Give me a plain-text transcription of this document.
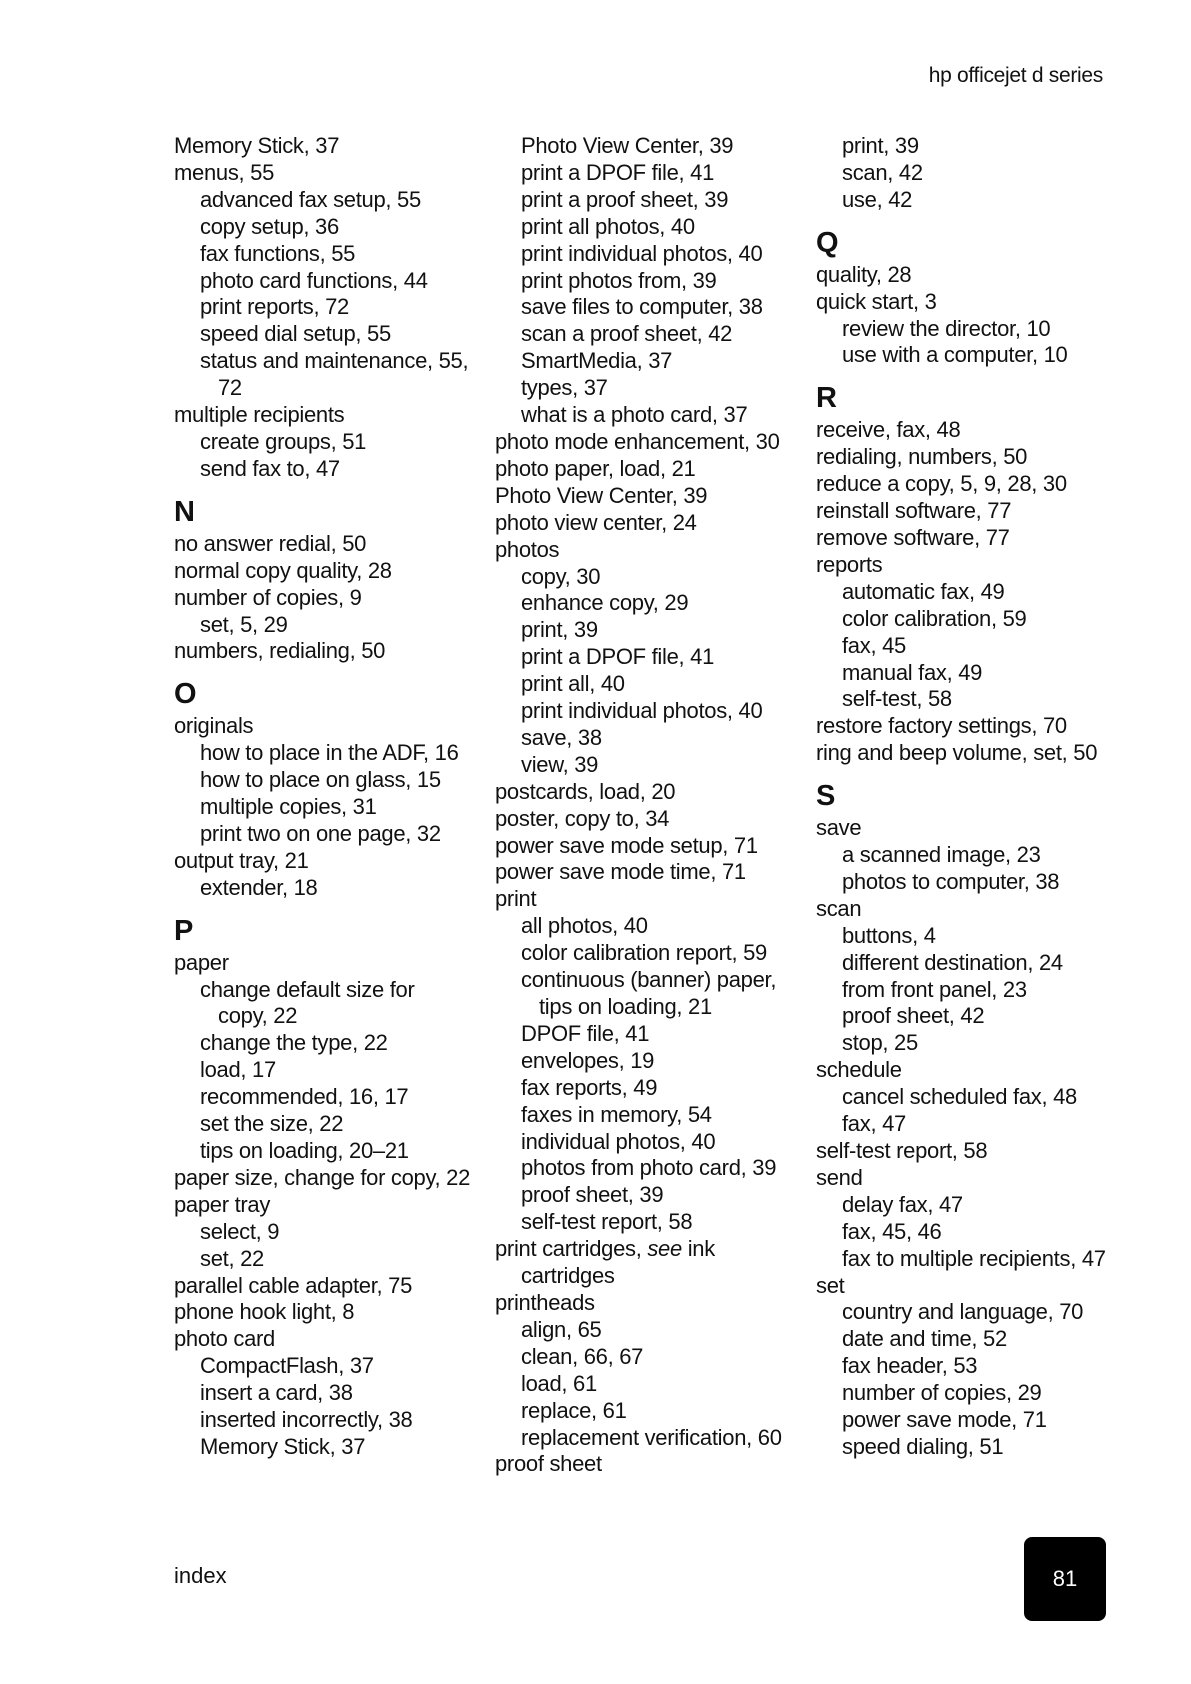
hp officejet d series
Memory Stick, 37
menus, 55
advanced fax setup, 55
copy setup, 36
fax functions, 55
photo card functions, 44
print reports, 72
speed dial setup, 55
status and maintenance, 55,
72
multiple recipients
create groups, 51
send fax to, 47
N
no answer redial, 50
normal copy quality, 28
number of copies, 9
set, 5, 29
numbers, redialing, 50
O
originals
how to place in the ADF, 16
how to place on glass, 15
multiple copies, 31
print two on one page, 32
output tray, 21
extender, 18
P
paper
change default size for
copy, 22
change the type, 22
load, 17
recommended, 16, 17
set the size, 22
tips on loading, 20–21
paper size, change for copy, 22
paper tray
select, 9
set, 22
parallel cable adapter, 75
phone hook light, 8
photo card
CompactFlash, 37
insert a card, 38
inserted incorrectly, 38
Memory Stick, 37
Photo View Center, 39
print a DPOF file, 41
print a proof sheet, 39
print all photos, 40
print individual photos, 40
print photos from, 39
save files to computer, 38
scan a proof sheet, 42
SmartMedia, 37
types, 37
what is a photo card, 37
photo mode enhancement, 30
photo paper, load, 21
Photo View Center, 39
photo view center, 24
photos
copy, 30
enhance copy, 29
print, 39
print a DPOF file, 41
print all, 40
print individual photos, 40
save, 38
view, 39
postcards, load, 20
poster, copy to, 34
power save mode setup, 71
power save mode time, 71
print
all photos, 40
color calibration report, 59
continuous (banner) paper,
tips on loading, 21
DPOF file, 41
envelopes, 19
fax reports, 49
faxes in memory, 54
individual photos, 40
photos from photo card, 39
proof sheet, 39
self-test report, 58
print cartridges, see ink
cartridges
printheads
align, 65
clean, 66, 67
load, 61
replace, 61
replacement verification, 60
proof sheet
print, 39
scan, 42
use, 42
Q
quality, 28
quick start, 3
review the director, 10
use with a computer, 10
R
receive, fax, 48
redialing, numbers, 50
reduce a copy, 5, 9, 28, 30
reinstall software, 77
remove software, 77
reports
automatic fax, 49
color calibration, 59
fax, 45
manual fax, 49
self-test, 58
restore factory settings, 70
ring and beep volume, set, 50
S
save
a scanned image, 23
photos to computer, 38
scan
buttons, 4
different destination, 24
from front panel, 23
proof sheet, 42
stop, 25
schedule
cancel scheduled fax, 48
fax, 47
self-test report, 58
send
delay fax, 47
fax, 45, 46
fax to multiple recipients, 47
set
country and language, 70
date and time, 52
fax header, 53
number of copies, 29
power save mode, 71
speed dialing, 51
index	81
